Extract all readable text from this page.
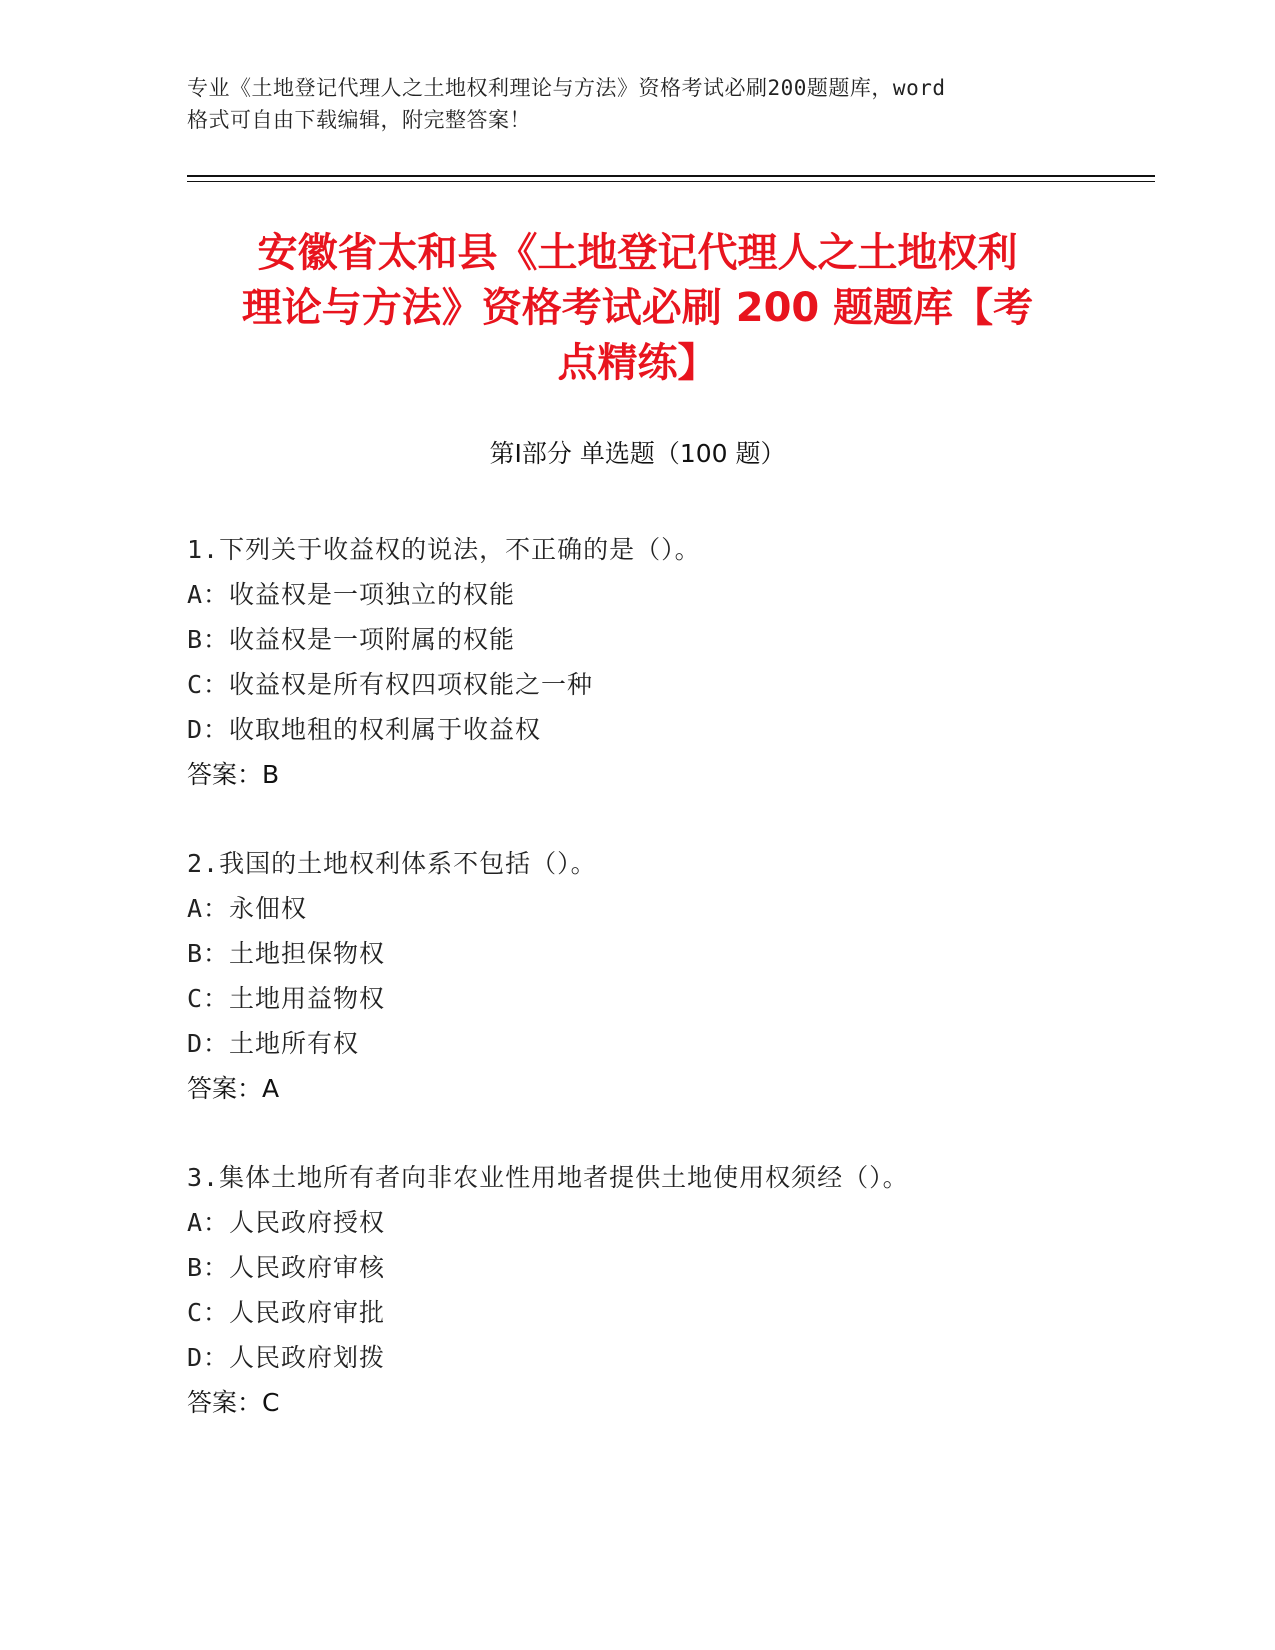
专业《土地登记代理人之土地权利理论与方法》资格考试必刷200题题库，word
格式可自由下载编辑，附完整答案！
安徽省太和县《土地登记代理人之土地权利
理论与方法》资格考试必刷 200 题题库【考
点精练】
第Ⅰ部分 单选题（100 题）
1.下列关于收益权的说法，不正确的是（）。
A：收益权是一项独立的权能
B：收益权是一项附属的权能
C：收益权是所有权四项权能之一种
D：收取地租的权利属于收益权
答案：B
2.我国的土地权利体系不包括（）。
A：永佃权
B：土地担保物权
C：土地用益物权
D：土地所有权
答案：A
3.集体土地所有者向非农业性用地者提供土地使用权须经（）。
A：人民政府授权
B：人民政府审核
C：人民政府审批
D：人民政府划拨
答案：C
